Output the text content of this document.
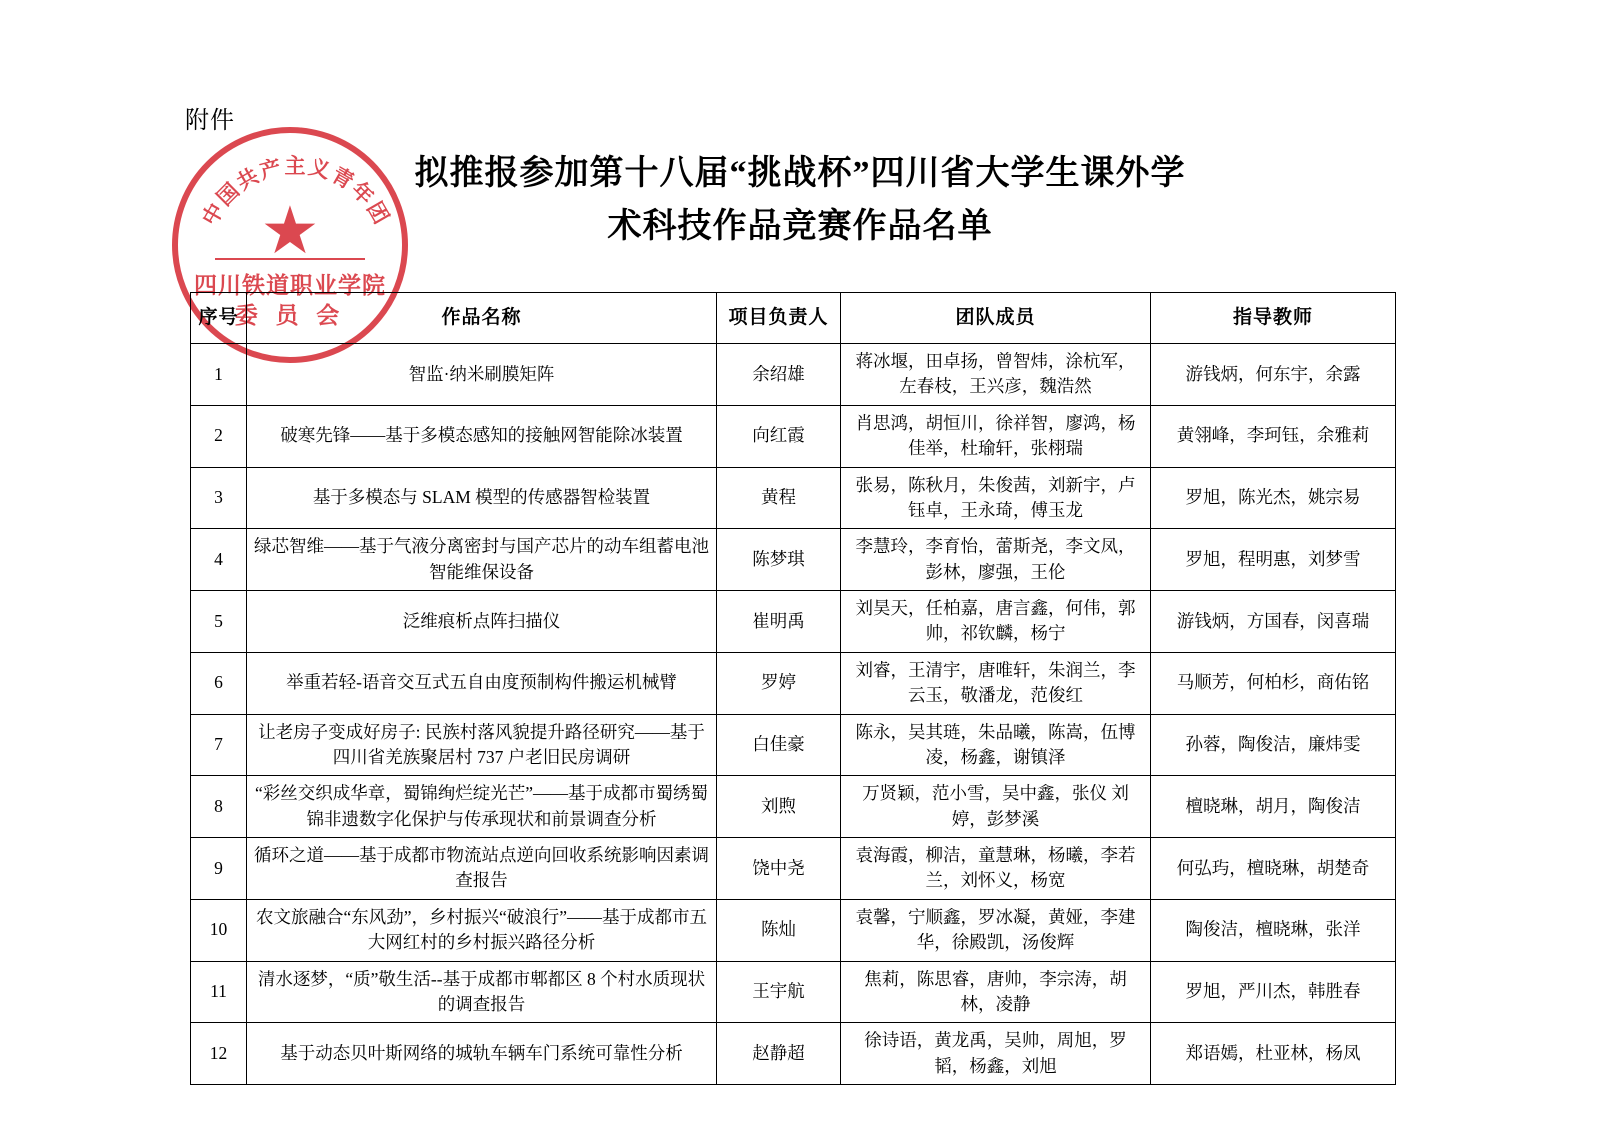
附件
拟推报参加第十八届“挑战杯”四川省大学生课外学
术科技作品竞赛作品名单
中国共产主义青年团
★
四川铁道职业学院
委 员 会
序号	作品名称	项目负责人	团队成员	指导教师
1	智监·纳米刷膜矩阵	余绍雄	蒋冰堰，田卓扬，曾智炜，涂杭军，左春枝，王兴彦，魏浩然	游钱炳，何东宇，余露
2	破寒先锋——基于多模态感知的接触网智能除冰装置	向红霞	肖思鸿，胡恒川，徐祥智，廖鸿，杨佳举，杜瑜轩，张栩瑞	黄翎峰，李珂钰，余雅莉
3	基于多模态与 SLAM 模型的传感器智检装置	黄程	张易，陈秋月，朱俊茜，刘新宇，卢钰卓，王永琦，傅玉龙	罗旭，陈光杰，姚宗易
4	绿芯智维——基于气液分离密封与国产芯片的动车组蓄电池智能维保设备	陈梦琪	李慧玲，李育怡，蕾斯尧，李文凤，彭林，廖强，王伦	罗旭，程明惠，刘梦雪
5	泛维痕析点阵扫描仪	崔明禹	刘昊天，任柏嘉，唐言鑫，何伟，郭帅，祁钦麟，杨宁	游钱炳，方国春，闵喜瑞
6	举重若轻-语音交互式五自由度预制构件搬运机械臂	罗婷	刘睿，王清宇，唐唯轩，朱润兰，李云玉，敬潘龙，范俊红	马顺芳，何柏杉，商佑铭
7	让老房子变成好房子: 民族村落风貌提升路径研究——基于四川省羌族聚居村 737 户老旧民房调研	白佳豪	陈永，吴其琏，朱品曦，陈嵩，伍博凌，杨鑫，谢镇泽	孙蓉，陶俊洁，廉炜雯
8	“彩丝交织成华章，蜀锦绚烂绽光芒”——基于成都市蜀绣蜀锦非遗数字化保护与传承现状和前景调查分析	刘煦	万贤颖，范小雪，吴中鑫，张仪 刘婷，彭梦溪	檀晓琳，胡月，陶俊洁
9	循环之道——基于成都市物流站点逆向回收系统影响因素调查报告	饶中尧	袁海霞，柳洁，童慧琳，杨曦，李若兰，刘怀义，杨宽	何弘玙，檀晓琳，胡楚奇
10	农文旅融合“东风劲”，乡村振兴“破浪行”——基于成都市五大网红村的乡村振兴路径分析	陈灿	袁馨，宁顺鑫，罗冰凝，黄娅，李建华，徐殿凯，汤俊辉	陶俊洁，檀晓琳，张洋
11	清水逐梦，“质”敬生活--基于成都市郫都区 8 个村水质现状的调查报告	王宇航	焦莉，陈思睿，唐帅，李宗涛，胡林，凌静	罗旭，严川杰，韩胜春
12	基于动态贝叶斯网络的城轨车辆车门系统可靠性分析	赵静超	徐诗语，黄龙禹，吴帅，周旭，罗韬，杨鑫，刘旭	郑语嫣，杜亚林，杨凤
